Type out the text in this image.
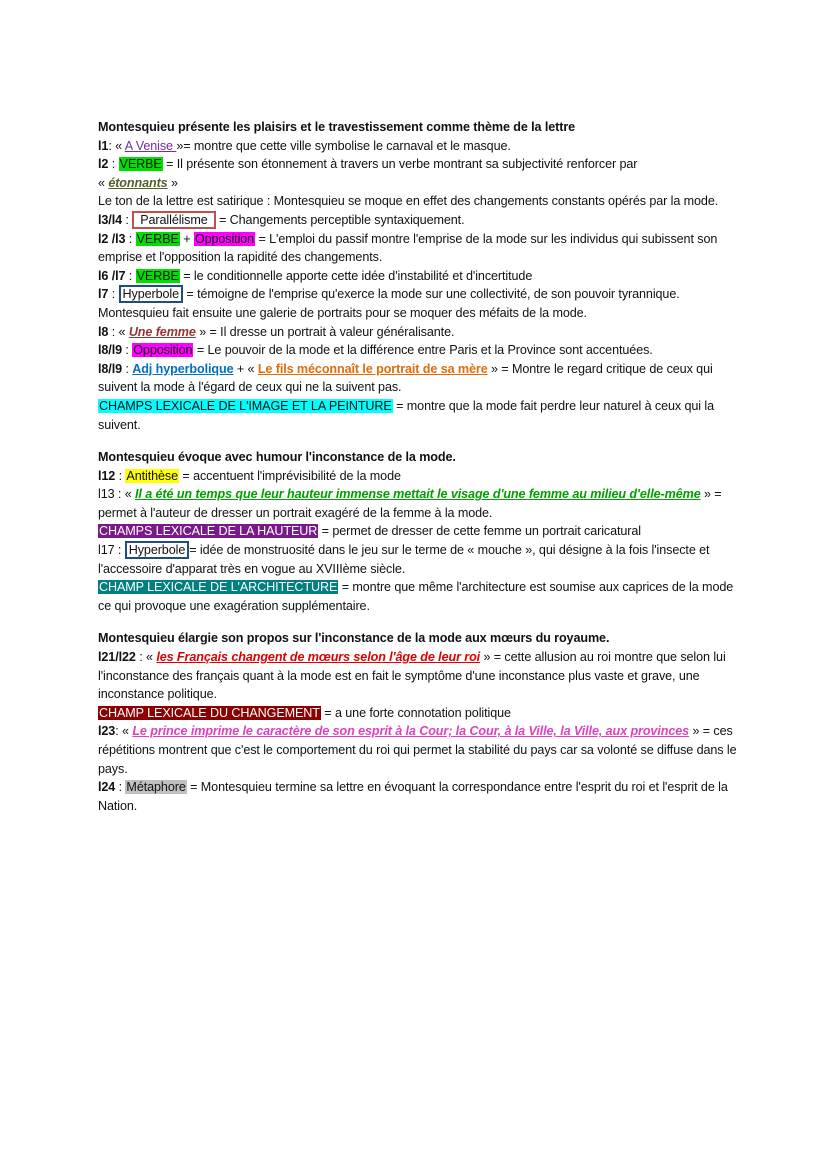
Montesquieu présente les plaisirs et le travestissement comme thème de la lettre

l1: « A Venise »= montre que cette ville symbolise le carnaval et le masque.

l2 : VERBE = Il présente son étonnement à travers un verbe montrant sa subjectivité renforcer par
« étonnants »

Le ton de la lettre est satirique : Montesquieu se moque en effet des changements constants opérés par la mode.

l3/l4 : Parallélisme = Changements perceptible syntaxiquement.

l2 /l3 : VERBE + Opposition = L'emploi du passif montre l'emprise de la mode sur les individus qui subissent son emprise et l'opposition la rapidité des changements.

l6 /l7 : VERBE = le conditionnelle apporte cette idée d'instabilité et d'incertitude

l7 : Hyperbole = témoigne de l'emprise qu'exerce la mode sur une collectivité, de son pouvoir tyrannique.

Montesquieu fait ensuite une galerie de portraits pour se moquer des méfaits de la mode.

l8 : « Une femme » = Il dresse un portrait à valeur généralisante.

l8/l9 : Opposition = Le pouvoir de la mode et la différence entre Paris et la Province sont accentuées.

l8/l9 : Adj hyperbolique + « Le fils méconnaît le portrait de sa mère » = Montre le regard critique de ceux qui suivent la mode à l'égard de ceux qui ne la suivent pas.

CHAMPS LEXICALE DE L'IMAGE ET LA PEINTURE = montre que la mode fait perdre leur naturel à ceux qui la suivent.

Montesquieu évoque avec humour l'inconstance de la mode.

l12 : Antithèse = accentuent l'imprévisibilité de la mode

l13 : « Il a été un temps que leur hauteur immense mettait le visage d'une femme au milieu d'elle-même » = permet à l'auteur de dresser un portrait exagéré de la femme à la mode.

CHAMPS LEXICALE DE LA HAUTEUR = permet de dresser de cette femme un portrait caricatural

l17 : Hyperbole = idée de monstruosité dans le jeu sur le terme de « mouche », qui désigne à la fois l'insecte et l'accessoire d'apparat très en vogue au XVIIIème siècle.

CHAMP LEXICALE DE L'ARCHITECTURE = montre que même l'architecture est soumise aux caprices de la mode ce qui provoque une exagération supplémentaire.

Montesquieu élargie son propos sur l'inconstance de la mode aux mœurs du royaume.

l21/l22 : « les Français changent de mœurs selon l'âge de leur roi » = cette allusion au roi montre que selon lui l'inconstance des français quant à la mode est en fait le symptôme d'une inconstance plus vaste et grave, une inconstance politique.

CHAMP LEXICALE DU CHANGEMENT = a une forte connotation politique

l23: « Le prince imprime le caractère de son esprit à la Cour; la Cour, à la Ville, la Ville, aux provinces » = ces répétitions montrent que c'est le comportement du roi qui permet la stabilité du pays car sa volonté se diffuse dans le pays.

l24 : Métaphore = Montesquieu termine sa lettre en évoquant la correspondance entre l'esprit du roi et l'esprit de la Nation.
